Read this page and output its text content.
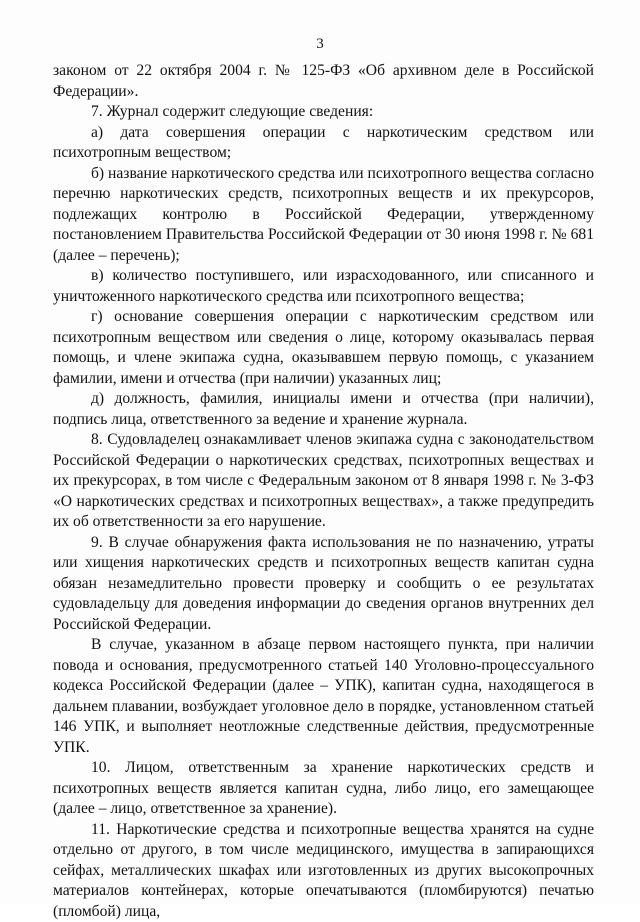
3

законом от 22 октября 2004 г. № 125-ФЗ «Об архивном деле в Российской Федерации».

7. Журнал содержит следующие сведения:

а) дата совершения операции с наркотическим средством или психотропным веществом;

б) название наркотического средства или психотропного вещества согласно перечню наркотических средств, психотропных веществ и их прекурсоров, подлежащих контролю в Российской Федерации, утвержденному постановлением Правительства Российской Федерации от 30 июня 1998 г. № 681 (далее – перечень);

в) количество поступившего, или израсходованного, или списанного и уничтоженного наркотического средства или психотропного вещества;

г) основание совершения операции с наркотическим средством или психотропным веществом или сведения о лице, которому оказывалась первая помощь, и члене экипажа судна, оказывавшем первую помощь, с указанием фамилии, имени и отчества (при наличии) указанных лиц;

д) должность, фамилия, инициалы имени и отчества (при наличии), подпись лица, ответственного за ведение и хранение журнала.

8. Судовладелец ознакамливает членов экипажа судна с законодательством Российской Федерации о наркотических средствах, психотропных веществах и их прекурсорах, в том числе с Федеральным законом от 8 января 1998 г. № 3-ФЗ «О наркотических средствах и психотропных веществах», а также предупредить их об ответственности за его нарушение.

9. В случае обнаружения факта использования не по назначению, утраты или хищения наркотических средств и психотропных веществ капитан судна обязан незамедлительно провести проверку и сообщить о ее результатах судовладельцу для доведения информации до сведения органов внутренних дел Российской Федерации.

В случае, указанном в абзаце первом настоящего пункта, при наличии повода и основания, предусмотренного статьей 140 Уголовно-процессуального кодекса Российской Федерации (далее – УПК), капитан судна, находящегося в дальнем плавании, возбуждает уголовное дело в порядке, установленном статьей 146 УПК, и выполняет неотложные следственные действия, предусмотренные УПК.

10. Лицом, ответственным за хранение наркотических средств и психотропных веществ является капитан судна, либо лицо, его замещающее (далее – лицо, ответственное за хранение).

11. Наркотические средства и психотропные вещества хранятся на судне отдельно от другого, в том числе медицинского, имущества в запирающихся сейфах, металлических шкафах или изготовленных из других высокопрочных материалов контейнерах, которые опечатываются (пломбируются) печатью (пломбой) лица,
